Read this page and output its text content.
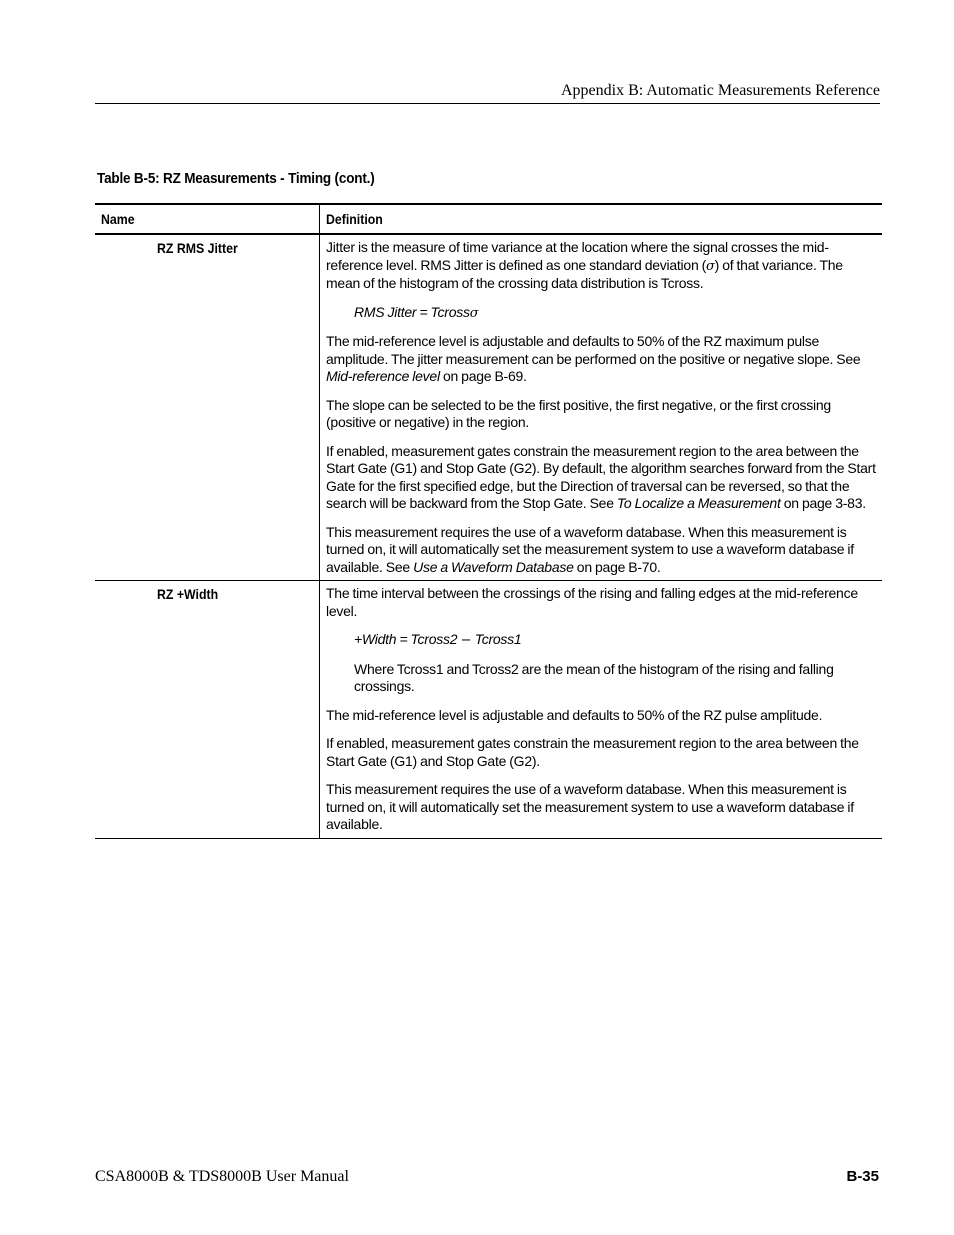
Appendix B: Automatic Measurements Reference
Table B-5: RZ Measurements - Timing (cont.)
Name	Definition
RZ RMS Jitter	Jitter is the measure of time variance at the location where the signal crosses the mid-reference level. RMS Jitter is defined as one standard deviation (σ) of that variance. The mean of the histogram of the crossing data distribution is Tcross.

RMS Jitter = Tcrossσ

The mid-reference level is adjustable and defaults to 50% of the RZ maximum pulse amplitude. The jitter measurement can be performed on the positive or negative slope. See Mid-reference level on page B-69.

The slope can be selected to be the first positive, the first negative, or the first crossing (positive or negative) in the region.

If enabled, measurement gates constrain the measurement region to the area between the Start Gate (G1) and Stop Gate (G2). By default, the algorithm searches forward from the Start Gate for the first specified edge, but the Direction of traversal can be reversed, so that the search will be backward from the Stop Gate. See To Localize a Measurement on page 3-83.

This measurement requires the use of a waveform database. When this measurement is turned on, it will automatically set the measurement system to use a waveform database if available. See Use a Waveform Database on page B-70.

RZ +Width	The time interval between the crossings of the rising and falling edges at the mid-reference level.

+Width = Tcross2 − Tcross1

Where Tcross1 and Tcross2 are the mean of the histogram of the rising and falling crossings.

The mid-reference level is adjustable and defaults to 50% of the RZ pulse amplitude.

If enabled, measurement gates constrain the measurement region to the area between the Start Gate (G1) and Stop Gate (G2).

This measurement requires the use of a waveform database. When this measurement is turned on, it will automatically set the measurement system to use a waveform database if available.

CSA8000B & TDS8000B User Manual	B-35
